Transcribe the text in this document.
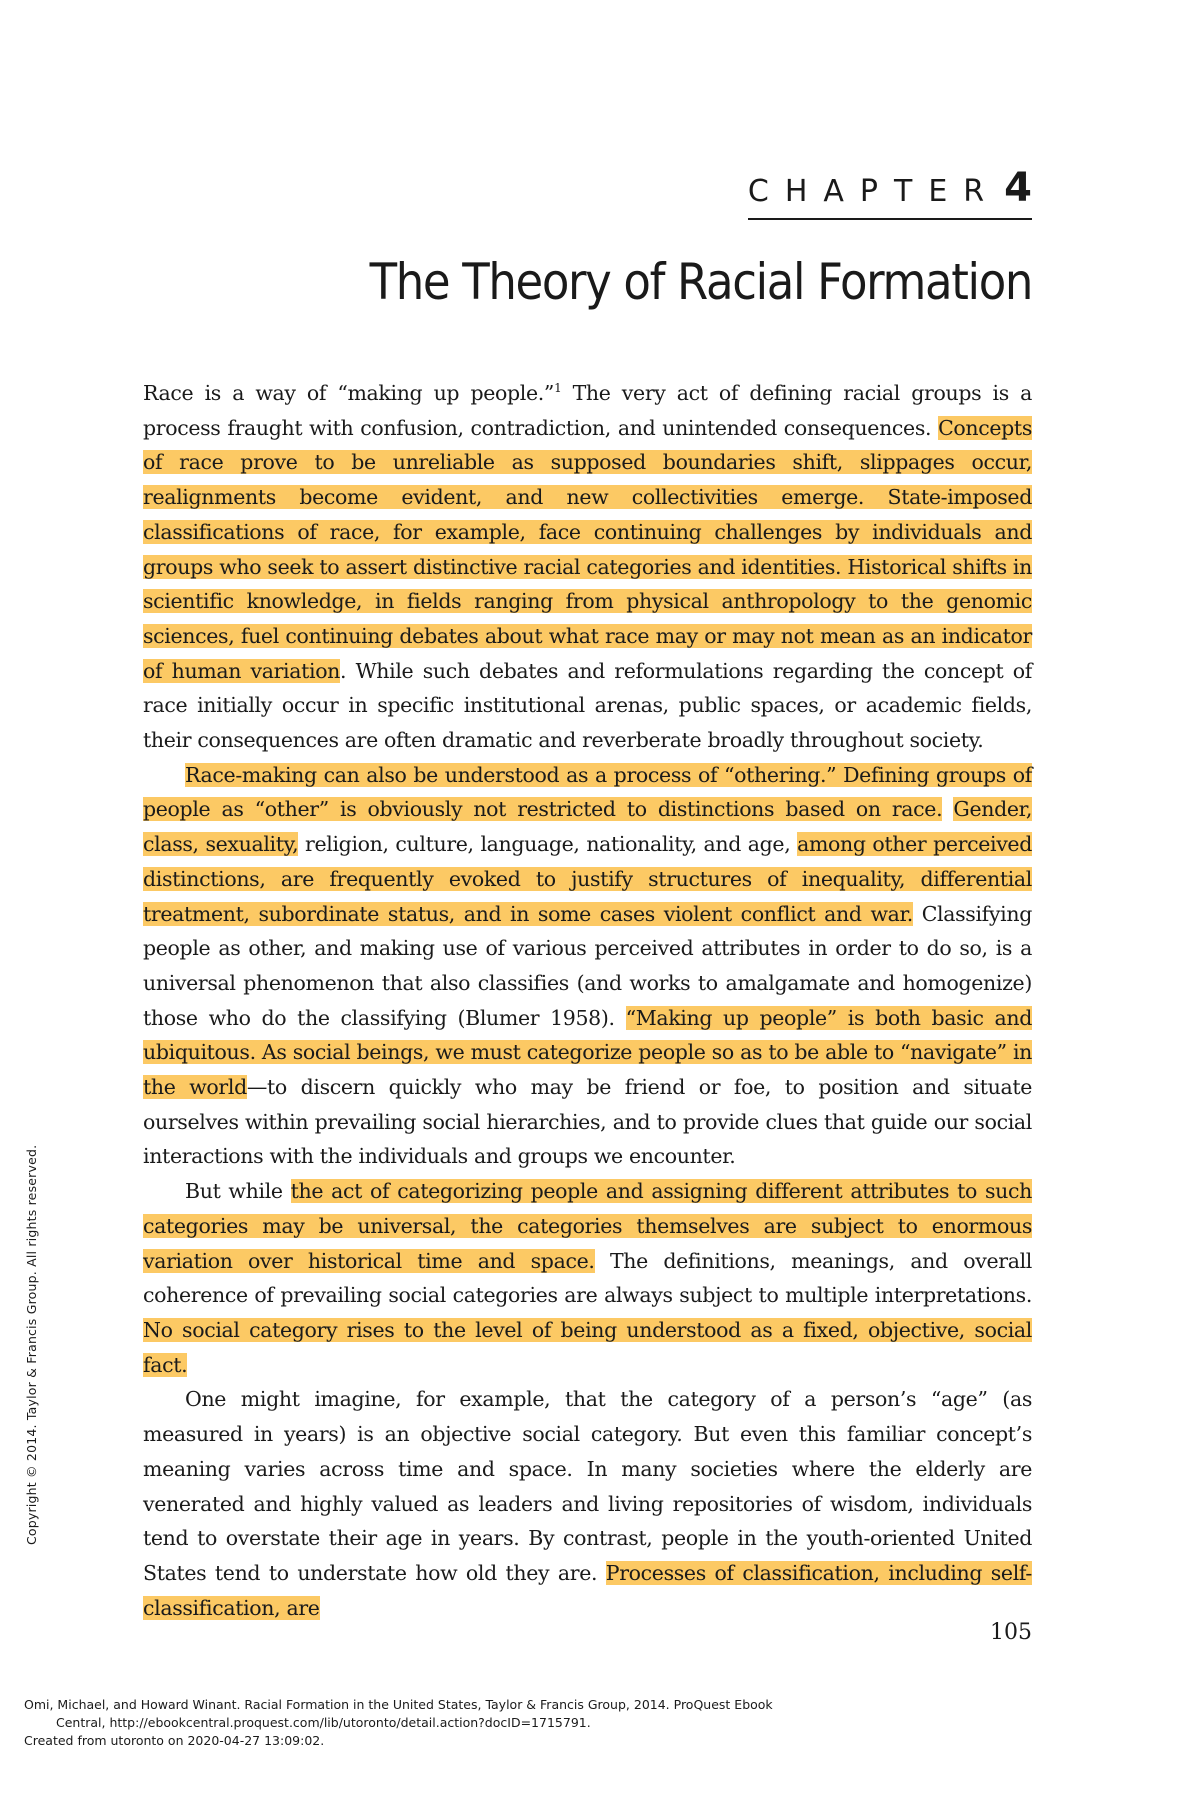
CHAPTER 4
The Theory of Racial Formation

Race is a way of “making up people.”$^1$ The very act of defining racial groups is a process fraught with confusion, contradiction, and unintended consequences. Concepts of race prove to be unreliable as supposed boundaries shift, slippages occur, realignments become evident, and new collectivities emerge. State-imposed classifications of race, for example, face continuing challenges by individuals and groups who seek to assert distinctive racial categories and identities. Historical shifts in scientific knowledge, in fields ranging from physical anthropology to the genomic sciences, fuel continuing debates about what race may or may not mean as an indicator of human variation. While such debates and reformulations regarding the concept of race initially occur in specific institutional arenas, public spaces, or academic fields, their consequences are often dramatic and reverberate broadly throughout society.

Race-making can also be understood as a process of “othering.” Defining groups of people as “other” is obviously not restricted to distinctions based on race. Gender, class, sexuality, religion, culture, language, nationality, and age, among other perceived distinctions, are frequently evoked to justify structures of inequality, differential treatment, subordinate status, and in some cases violent conflict and war. Classifying people as other, and making use of various perceived attributes in order to do so, is a universal phenomenon that also classifies (and works to amalgamate and homogenize) those who do the classifying (Blumer 1958). “Making up people” is both basic and ubiquitous. As social beings, we must categorize people so as to be able to “navigate” in the world—to discern quickly who may be friend or foe, to position and situate ourselves within prevailing social hierarchies, and to provide clues that guide our social interactions with the individuals and groups we encounter.

But while the act of categorizing people and assigning different attributes to such categories may be universal, the categories themselves are subject to enormous variation over historical time and space. The definitions, meanings, and overall coherence of prevailing social categories are always subject to multiple interpretations. No social category rises to the level of being understood as a fixed, objective, social fact.

One might imagine, for example, that the category of a person’s “age” (as measured in years) is an objective social category. But even this familiar concept’s meaning varies across time and space. In many societies where the elderly are venerated and highly valued as leaders and living repositories of wisdom, individuals tend to overstate their age in years. By contrast, people in the youth-oriented United States tend to understate how old they are. Processes of classification, including self-classification, are

105
Copyright © 2014. Taylor & Francis Group. All rights reserved.
Omi, Michael, and Howard Winant. Racial Formation in the United States, Taylor & Francis Group, 2014. ProQuest Ebook
Central, http://ebookcentral.proquest.com/lib/utoronto/detail.action?docID=1715791.
Created from utoronto on 2020-04-27 13:09:02.
